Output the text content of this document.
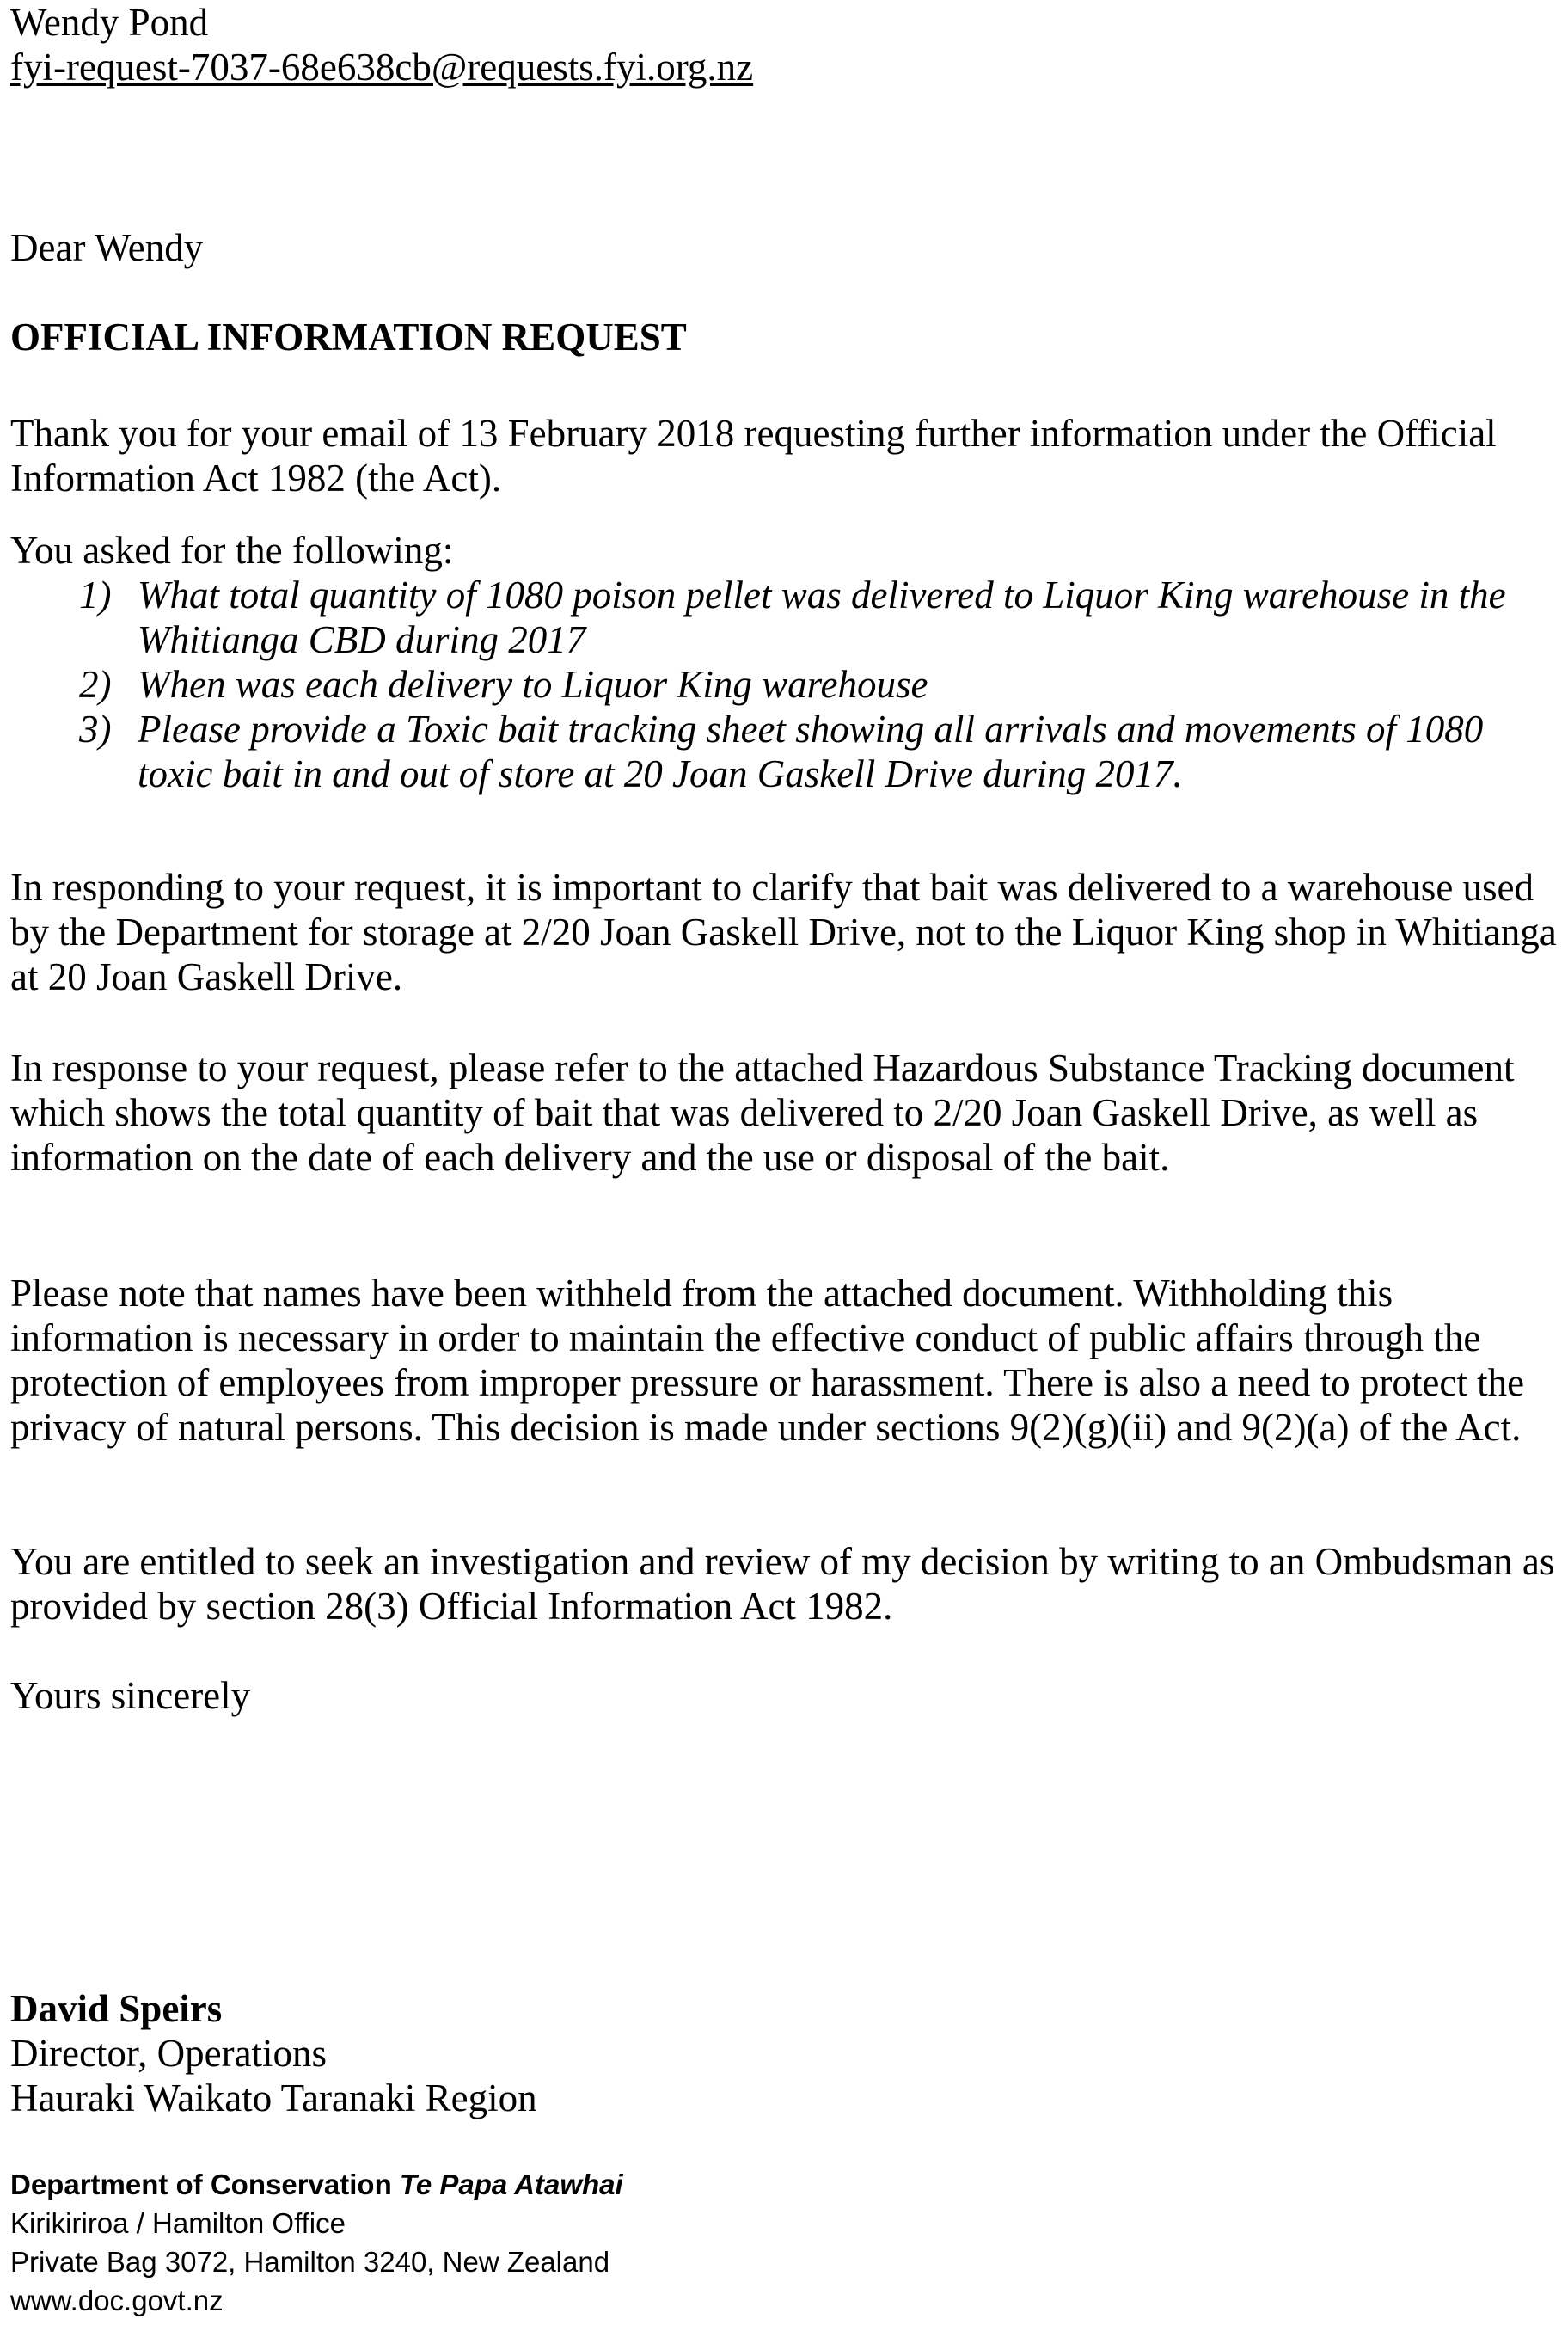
Wendy Pond

fyi-request-7037-68e638cb@requests.fyi.org.nz

Dear Wendy

OFFICIAL INFORMATION REQUEST

Thank you for your email of 13 February 2018 requesting further information under the Official Information Act 1982 (the Act).

You asked for the following:

1) What total quantity of 1080 poison pellet was delivered to Liquor King warehouse in the Whitianga CBD during 2017
2) When was each delivery to Liquor King warehouse
3) Please provide a Toxic bait tracking sheet showing all arrivals and movements of 1080 toxic bait in and out of store at 20 Joan Gaskell Drive during 2017.

In responding to your request, it is important to clarify that bait was delivered to a warehouse used by the Department for storage at 2/20 Joan Gaskell Drive, not to the Liquor King shop in Whitianga at 20 Joan Gaskell Drive.

In response to your request, please refer to the attached Hazardous Substance Tracking document which shows the total quantity of bait that was delivered to 2/20 Joan Gaskell Drive, as well as information on the date of each delivery and the use or disposal of the bait.

Please note that names have been withheld from the attached document. Withholding this information is necessary in order to maintain the effective conduct of public affairs through the protection of employees from improper pressure or harassment. There is also a need to protect the privacy of natural persons. This decision is made under sections 9(2)(g)(ii) and 9(2)(a) of the Act.

You are entitled to seek an investigation and review of my decision by writing to an Ombudsman as provided by section 28(3) Official Information Act 1982.

Yours sincerely

David Speirs

Director, Operations

Hauraki Waikato Taranaki Region

Department of Conservation Te Papa Atawhai
Kirikiriroa / Hamilton Office
Private Bag 3072, Hamilton 3240, New Zealand
www.doc.govt.nz
